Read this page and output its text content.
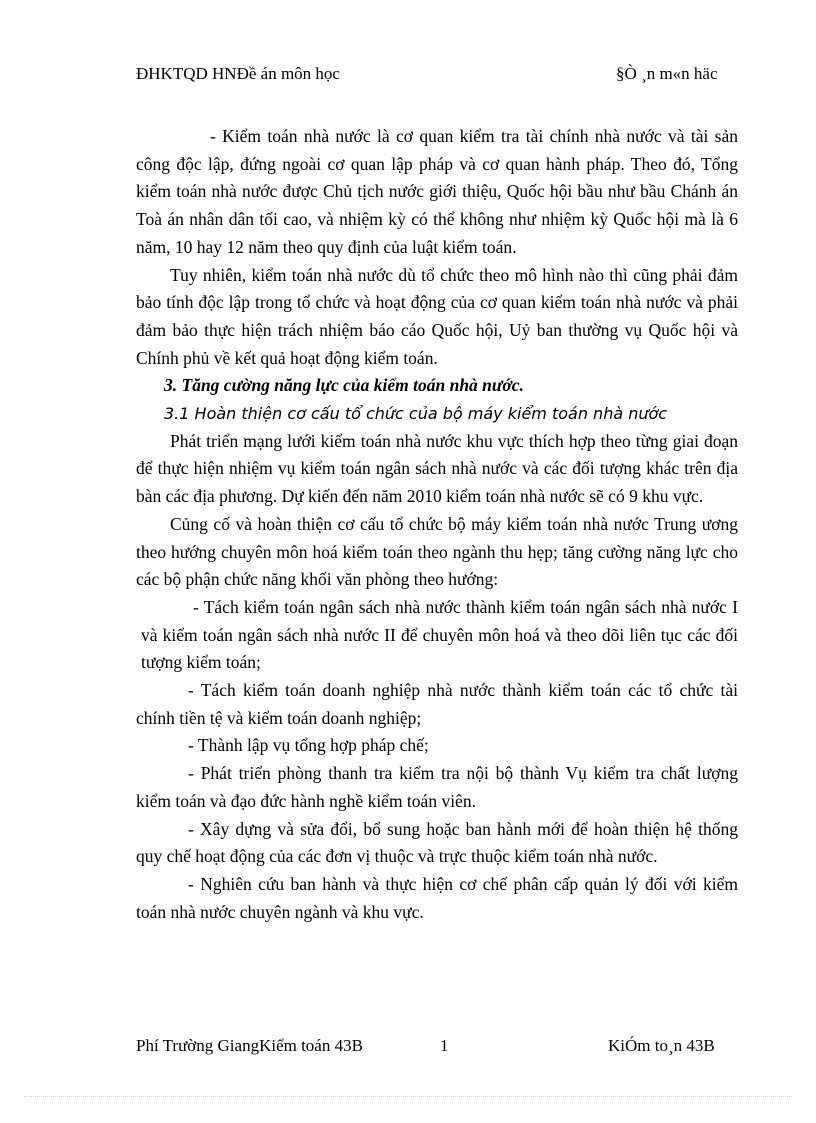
ĐHKTQD HNĐề án môn học	§Ò ¸n m«n häc

- Kiểm toán nhà nước là cơ quan kiểm tra tài chính nhà nước và tài sản công độc lập, đứng ngoài cơ quan lập pháp và cơ quan hành pháp. Theo đó, Tổng kiểm toán nhà nước được Chủ tịch nước giới thiệu, Quốc hội bầu như bầu Chánh án Toà án nhân dân tối cao, và nhiệm kỳ có thể không như nhiệm kỳ Quốc hội mà là 6 năm, 10 hay 12 năm theo quy định của luật kiểm toán.

Tuy nhiên, kiểm toán nhà nước dù tổ chức theo mô hình nào thì cũng phải đảm bảo tính độc lập trong tổ chức và hoạt động của cơ quan kiểm toán nhà nước và phải đảm bảo thực hiện trách nhiệm báo cáo Quốc hội, Uỷ ban thường vụ Quốc hội và Chính phủ về kết quả hoạt động kiểm toán.

3. Tăng cường năng lực của kiểm toán nhà nước.

3.1 Hoàn thiện cơ cấu tổ chức của bộ máy kiểm toán nhà nước

Phát triển mạng lưới kiểm toán nhà nước khu vực thích hợp theo từng giai đoạn để thực hiện nhiệm vụ kiểm toán ngân sách nhà nước và các đối tượng khác trên địa bàn các địa phương. Dự kiến đến năm 2010 kiểm toán nhà nước sẽ có 9 khu vực.

Củng cố và hoàn thiện cơ cấu tổ chức bộ máy kiểm toán nhà nước Trung ương theo hướng chuyên môn hoá kiểm toán theo ngành thu hẹp; tăng cường năng lực cho các bộ phận chức năng khối văn phòng theo hướng:

- Tách kiểm toán ngân sách nhà nước thành kiểm toán ngân sách nhà nước I và kiểm toán ngân sách nhà nước II để chuyên môn hoá và theo dõi liên tục các đối tượng kiểm toán;

- Tách kiểm toán doanh nghiệp nhà nước thành kiểm toán các tổ chức tài chính tiền tệ và kiểm toán doanh nghiệp;

- Thành lập vụ tổng hợp pháp chế;

- Phát triển phòng thanh tra kiểm tra nội bộ thành Vụ kiểm tra chất lượng kiểm toán và đạo đức hành nghề kiểm toán viên.

- Xây dựng và sửa đổi, bổ sung hoặc ban hành mới để hoàn thiện hệ thống quy chế hoạt động của các đơn vị thuộc và trực thuộc kiểm toán nhà nước.

- Nghiên cứu ban hành và thực hiện cơ chế phân cấp quản lý đối với kiểm toán nhà nước chuyên ngành và khu vực.

Phí Trường GiangKiểm toán 43B	1	KiÓm to¸n 43B
